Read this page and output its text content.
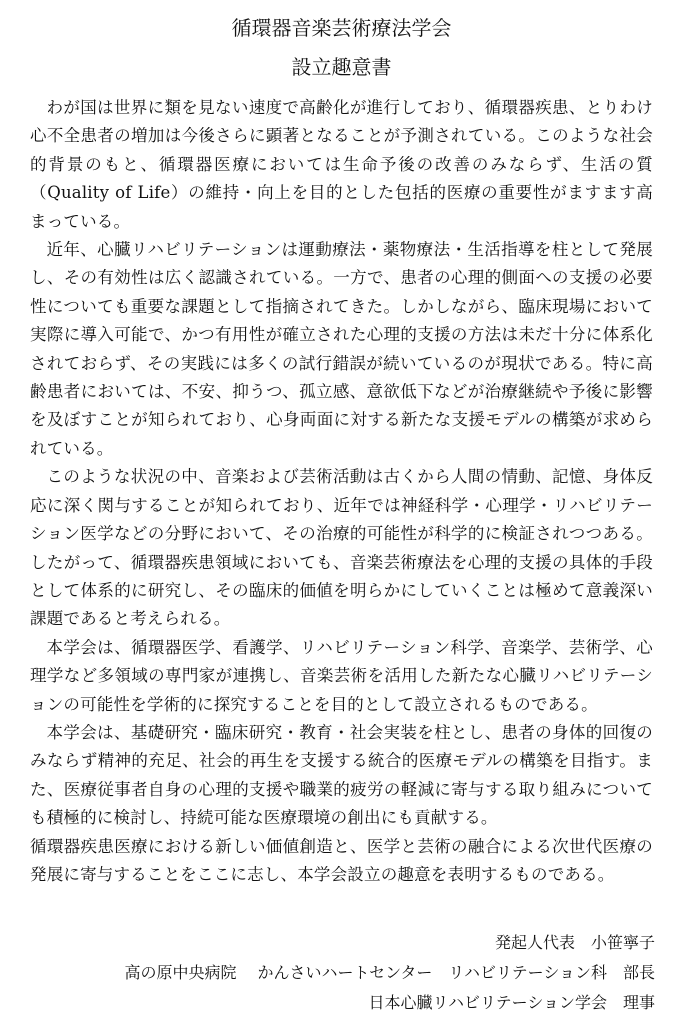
循環器音楽芸術療法学会
設立趣意書

わが国は世界に類を見ない速度で高齢化が進行しており、循環器疾患、とりわけ心不全患者の増加は今後さらに顕著となることが予測されている。このような社会的背景のもと、循環器医療においては生命予後の改善のみならず、生活の質（Quality of Life）の維持・向上を目的とした包括的医療の重要性がますます高まっている。

近年、心臓リハビリテーションは運動療法・薬物療法・生活指導を柱として発展し、その有効性は広く認識されている。一方で、患者の心理的側面への支援の必要性についても重要な課題として指摘されてきた。しかしながら、臨床現場において実際に導入可能で、かつ有用性が確立された心理的支援の方法は未だ十分に体系化されておらず、その実践には多くの試行錯誤が続いているのが現状である。特に高齢患者においては、不安、抑うつ、孤立感、意欲低下などが治療継続や予後に影響を及ぼすことが知られており、心身両面に対する新たな支援モデルの構築が求められている。

このような状況の中、音楽および芸術活動は古くから人間の情動、記憶、身体反応に深く関与することが知られており、近年では神経科学・心理学・リハビリテーション医学などの分野において、その治療的可能性が科学的に検証されつつある。したがって、循環器疾患領域においても、音楽芸術療法を心理的支援の具体的手段として体系的に研究し、その臨床的価値を明らかにしていくことは極めて意義深い課題であると考えられる。

本学会は、循環器医学、看護学、リハビリテーション科学、音楽学、芸術学、心理学など多領域の専門家が連携し、音楽芸術を活用した新たな心臓リハビリテーションの可能性を学術的に探究することを目的として設立されるものである。

本学会は、基礎研究・臨床研究・教育・社会実装を柱とし、患者の身体的回復のみならず精神的充足、社会的再生を支援する統合的医療モデルの構築を目指す。また、医療従事者自身の心理的支援や職業的疲労の軽減に寄与する取り組みについても積極的に検討し、持続可能な医療環境の創出にも貢献する。

循環器疾患医療における新しい価値創造と、医学と芸術の融合による次世代医療の発展に寄与することをここに志し、本学会設立の趣意を表明するものである。

発起人代表　小笹寧子

高の原中央病院　 かんさいハートセンター　リハビリテーション科　部長

日本心臓リハビリテーション学会　理事
